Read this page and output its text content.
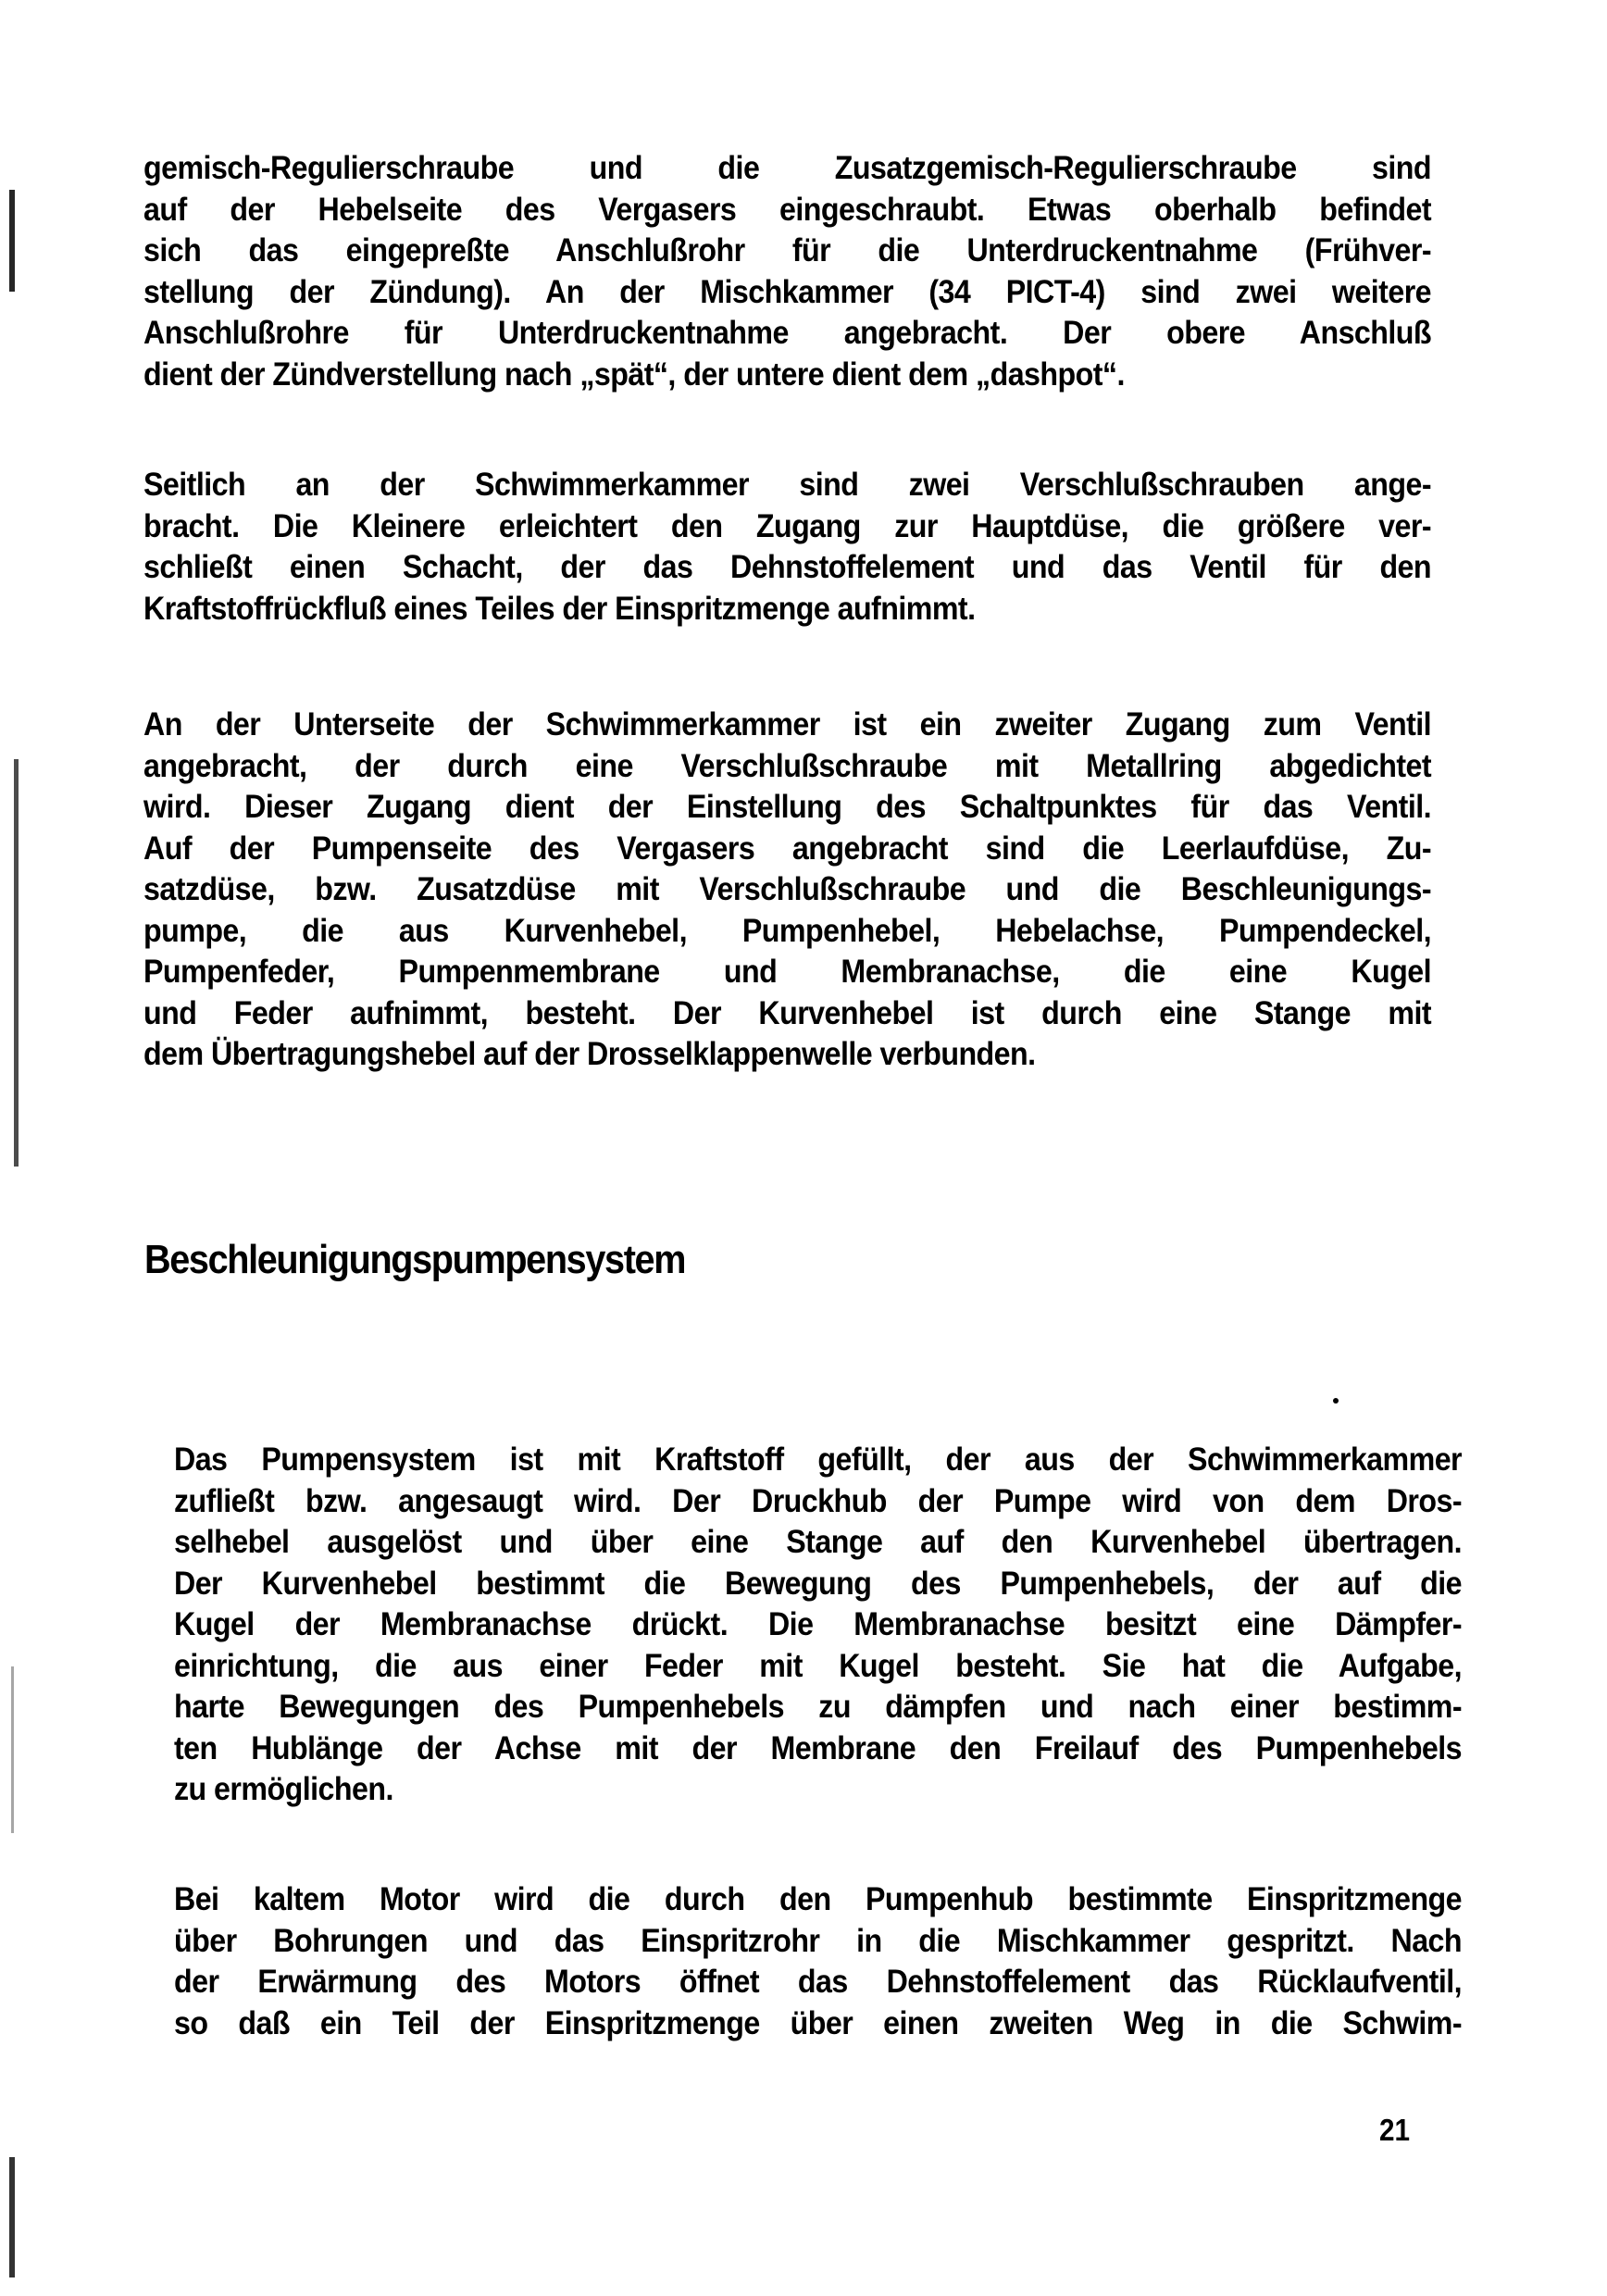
gemisch-Regulierschraube und die Zusatzgemisch-Regulierschraube sind
auf der Hebelseite des Vergasers eingeschraubt. Etwas oberhalb befindet
sich das eingepreßte Anschlußrohr für die Unterdruckentnahme (Frühver-
stellung der Zündung). An der Mischkammer (34 PICT-4) sind zwei weitere
Anschlußrohre für Unterdruckentnahme angebracht. Der obere Anschluß
dient der Zündverstellung nach „spät“, der untere dient dem „dashpot“.
Seitlich an der Schwimmerkammer sind zwei Verschlußschrauben ange-
bracht. Die Kleinere erleichtert den Zugang zur Hauptdüse, die größere ver-
schließt einen Schacht, der das Dehnstoffelement und das Ventil für den
Kraftstoffrückfluß eines Teiles der Einspritzmenge aufnimmt.
An der Unterseite der Schwimmerkammer ist ein zweiter Zugang zum Ventil
angebracht, der durch eine Verschlußschraube mit Metallring abgedichtet
wird. Dieser Zugang dient der Einstellung des Schaltpunktes für das Ventil.
Auf der Pumpenseite des Vergasers angebracht sind die Leerlaufdüse, Zu-
satzdüse, bzw. Zusatzdüse mit Verschlußschraube und die Beschleunigungs-
pumpe, die aus Kurvenhebel, Pumpenhebel, Hebelachse, Pumpendeckel,
Pumpenfeder, Pumpenmembrane und Membranachse, die eine Kugel
und Feder aufnimmt, besteht. Der Kurvenhebel ist durch eine Stange mit
dem Übertragungshebel auf der Drosselklappenwelle verbunden.
Beschleunigungspumpensystem
Das Pumpensystem ist mit Kraftstoff gefüllt, der aus der Schwimmerkammer
zufließt bzw. angesaugt wird. Der Druckhub der Pumpe wird von dem Dros-
selhebel ausgelöst und über eine Stange auf den Kurvenhebel übertragen.
Der Kurvenhebel bestimmt die Bewegung des Pumpenhebels, der auf die
Kugel der Membranachse drückt. Die Membranachse besitzt eine Dämpfer-
einrichtung, die aus einer Feder mit Kugel besteht. Sie hat die Aufgabe,
harte Bewegungen des Pumpenhebels zu dämpfen und nach einer bestimm-
ten Hublänge der Achse mit der Membrane den Freilauf des Pumpenhebels
zu ermöglichen.
Bei kaltem Motor wird die durch den Pumpenhub bestimmte Einspritzmenge
über Bohrungen und das Einspritzrohr in die Mischkammer gespritzt. Nach
der Erwärmung des Motors öffnet das Dehnstoffelement das Rücklaufventil,
so daß ein Teil der Einspritzmenge über einen zweiten Weg in die Schwim-
21
